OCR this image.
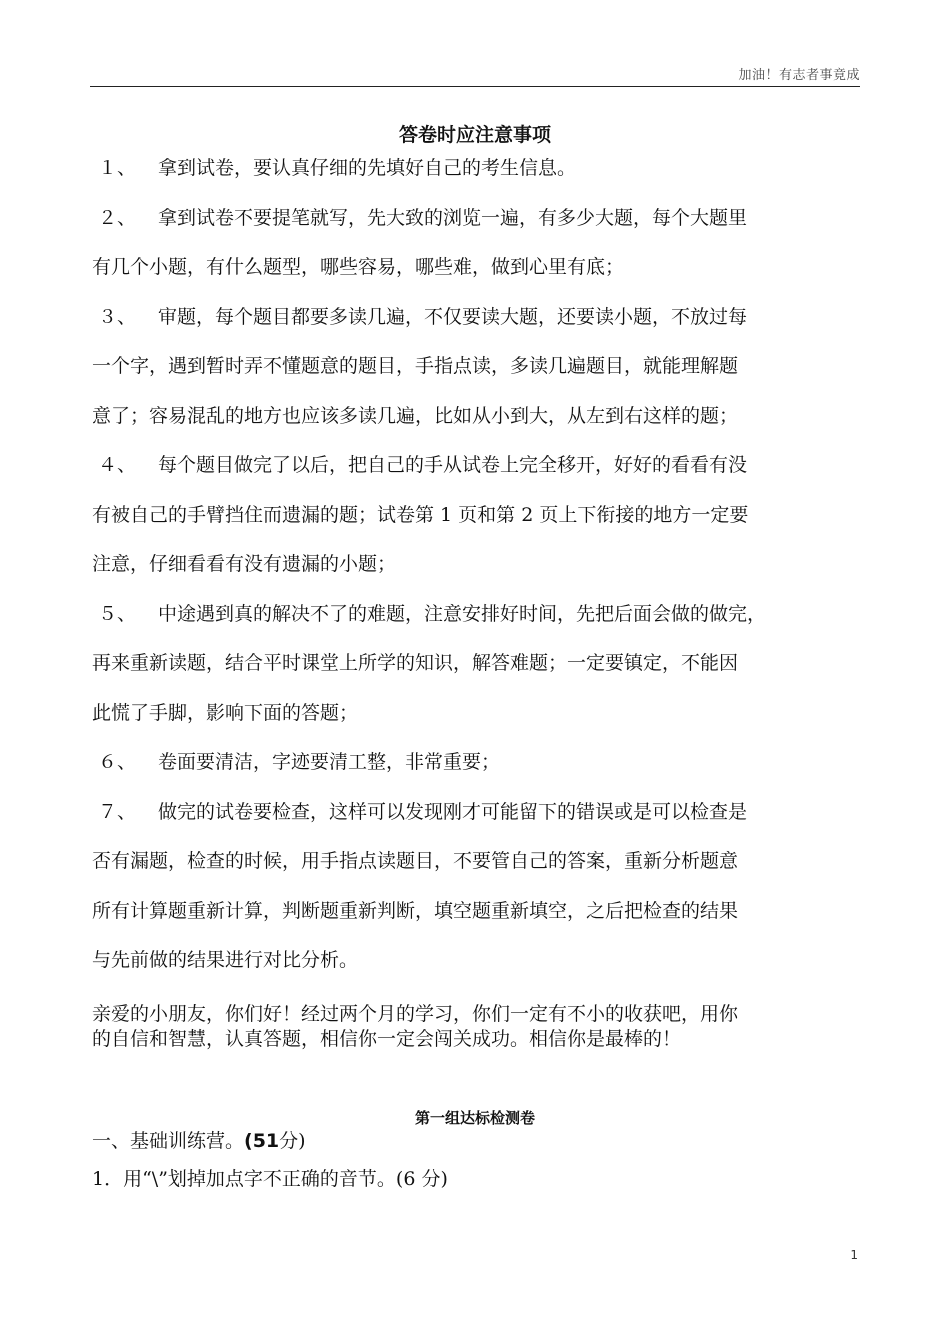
加油！有志者事竟成
答卷时应注意事项

１、 拿到试卷，要认真仔细的先填好自己的考生信息。

２、 拿到试卷不要提笔就写，先大致的浏览一遍，有多少大题，每个大题里

有几个小题，有什么题型，哪些容易，哪些难，做到心里有底；

３、 审题，每个题目都要多读几遍，不仅要读大题，还要读小题，不放过每

一个字，遇到暂时弄不懂题意的题目，手指点读，多读几遍题目，就能理解题

意了；容易混乱的地方也应该多读几遍，比如从小到大，从左到右这样的题；

４、 每个题目做完了以后，把自己的手从试卷上完全移开，好好的看看有没

有被自己的手臂挡住而遗漏的题；试卷第 1 页和第 2 页上下衔接的地方一定要

注意，仔细看看有没有遗漏的小题；

５、 中途遇到真的解决不了的难题，注意安排好时间，先把后面会做的做完，

再来重新读题，结合平时课堂上所学的知识，解答难题；一定要镇定，不能因

此慌了手脚，影响下面的答题；

６、 卷面要清洁，字迹要清工整，非常重要；

７、 做完的试卷要检查，这样可以发现刚才可能留下的错误或是可以检查是

否有漏题，检查的时候，用手指点读题目，不要管自己的答案，重新分析题意

所有计算题重新计算，判断题重新判断，填空题重新填空，之后把检查的结果

与先前做的结果进行对比分析。

亲爱的小朋友，你们好！经过两个月的学习，你们一定有不小的收获吧，用你
的自信和智慧，认真答题，相信你一定会闯关成功。相信你是最棒的！
第一组达标检测卷
一、基础训练营。(51分)
1．用“\”划掉加点字不正确的音节。(6 分)
1
